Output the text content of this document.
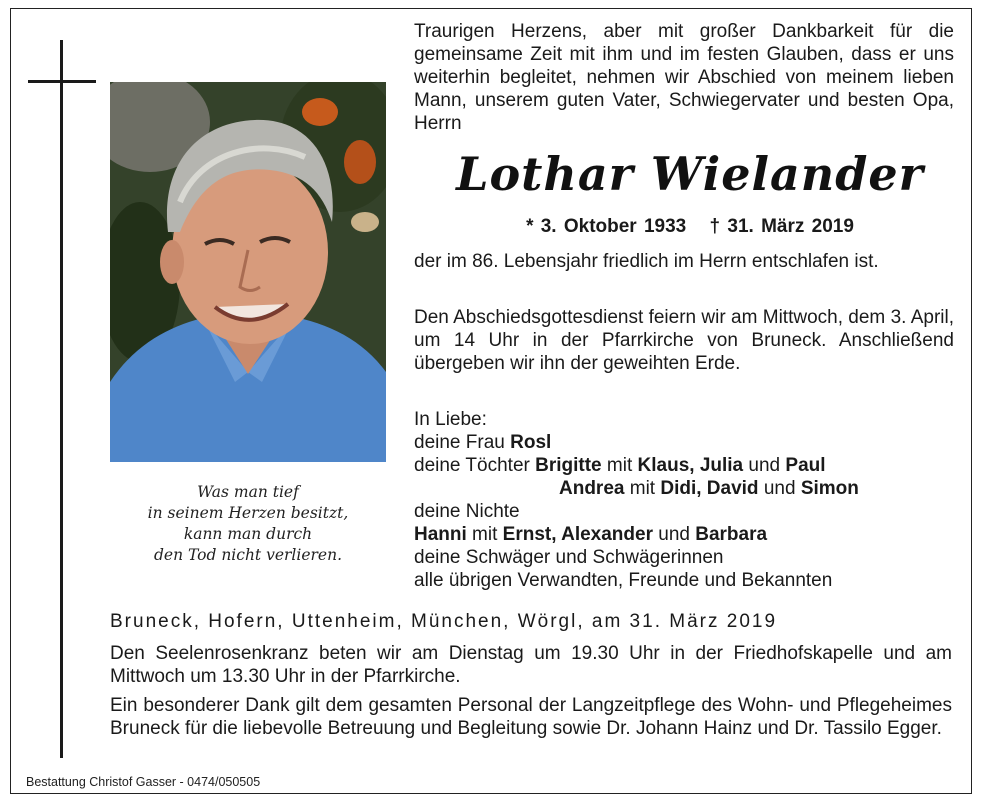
Was man tief
in seinem Herzen besitzt,
kann man durch
den Tod nicht verlieren.
Traurigen Herzens, aber mit großer Dankbarkeit für die gemeinsame Zeit mit ihm und im festen Glauben, dass er uns weiterhin begleitet, nehmen wir Abschied von meinem lieben Mann, unserem guten Vater, Schwiegervater und besten Opa, Herrn
Lothar Wielander
* 3. Oktober 1933 † 31. März 2019
der im 86. Lebensjahr friedlich im Herrn entschlafen ist.
Den Abschiedsgottesdienst feiern wir am Mittwoch, dem 3. April, um 14 Uhr in der Pfarrkirche von Bruneck. Anschließend übergeben wir ihn der geweihten Erde.
In Liebe:
deine Frau Rosl
deine Töchter Brigitte mit Klaus, Julia und Paul
Andrea mit Didi, David und Simon
deine Nichte
Hanni mit Ernst, Alexander und Barbara
deine Schwäger und Schwägerinnen
alle übrigen Verwandten, Freunde und Bekannten
Bruneck, Hofern, Uttenheim, München, Wörgl, am 31. März 2019
Den Seelenrosenkranz beten wir am Dienstag um 19.30 Uhr in der Friedhofskapelle und am Mittwoch um 13.30 Uhr in der Pfarrkirche.
Ein besonderer Dank gilt dem gesamten Personal der Langzeitpflege des Wohn- und Pflegeheimes Bruneck für die liebevolle Betreuung und Begleitung sowie Dr. Johann Hainz und Dr. Tassilo Egger.
Bestattung Christof Gasser - 0474/050505
